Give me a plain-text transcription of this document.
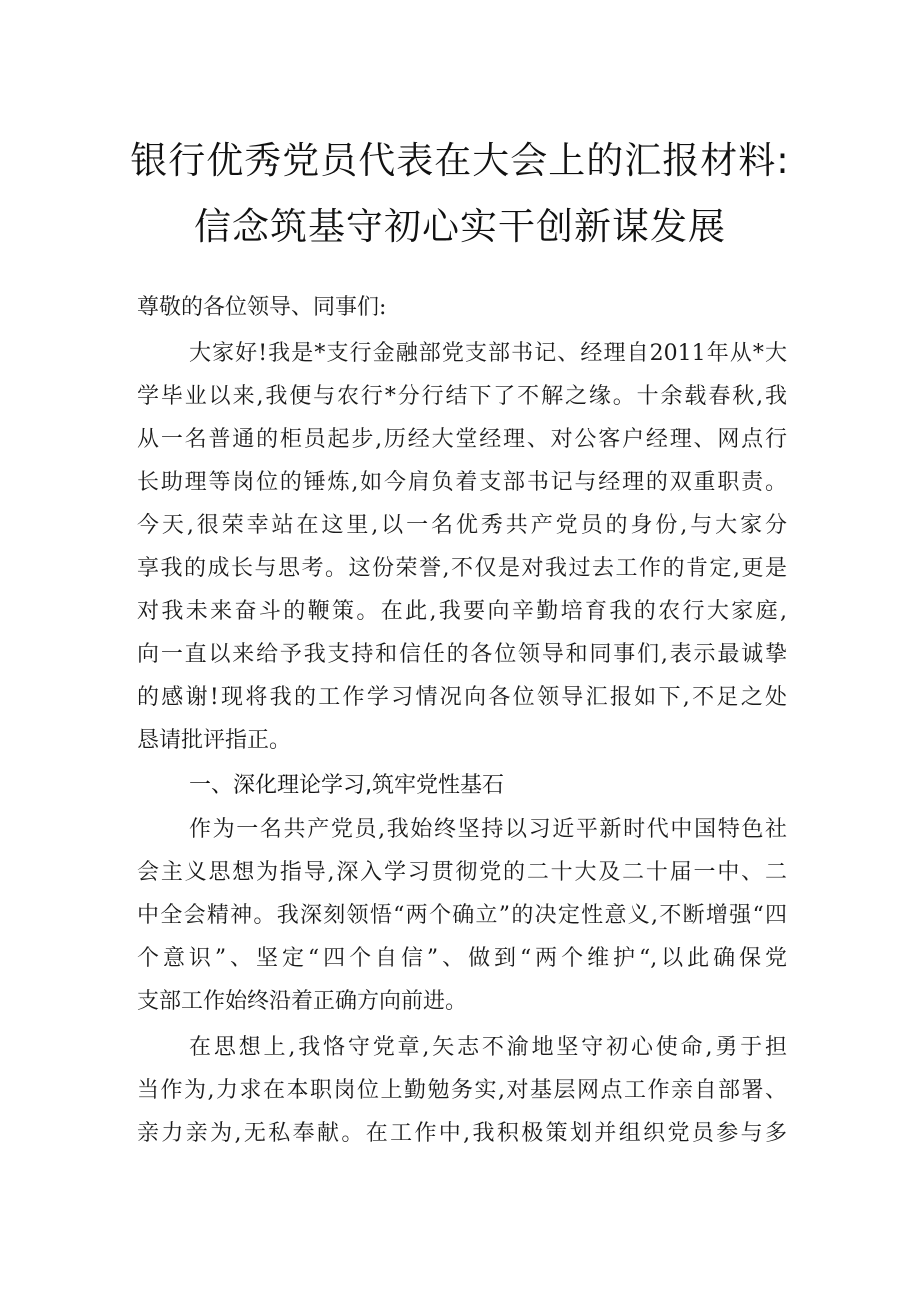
银行优秀党员代表在大会上的汇报材料:
信念筑基守初心实干创新谋发展
尊敬的各位领导、同事们:
大家好!我是*支行金融部党支部书记、经理自2011年从*大
学毕业以来,我便与农行*分行结下了不解之缘。十余载春秋,我
从一名普通的柜员起步,历经大堂经理、对公客户经理、网点行
长助理等岗位的锤炼,如今肩负着支部书记与经理的双重职责。
今天,很荣幸站在这里,以一名优秀共产党员的身份,与大家分
享我的成长与思考。这份荣誉,不仅是对我过去工作的肯定,更是
对我未来奋斗的鞭策。在此,我要向辛勤培育我的农行大家庭,
向一直以来给予我支持和信任的各位领导和同事们,表示最诚挚
的感谢!现将我的工作学习情况向各位领导汇报如下,不足之处
恳请批评指正。
一、深化理论学习,筑牢党性基石
作为一名共产党员,我始终坚持以习近平新时代中国特色社
会主义思想为指导,深入学习贯彻党的二十大及二十届一中、二
中全会精神。我深刻领悟“两个确立”的决定性意义,不断增强“四
个意识”、坚定“四个自信”、做到“两个维护“,以此确保党
支部工作始终沿着正确方向前进。
在思想上,我恪守党章,矢志不渝地坚守初心使命,勇于担
当作为,力求在本职岗位上勤勉务实,对基层网点工作亲自部署、
亲力亲为,无私奉献。在工作中,我积极策划并组织党员参与多
